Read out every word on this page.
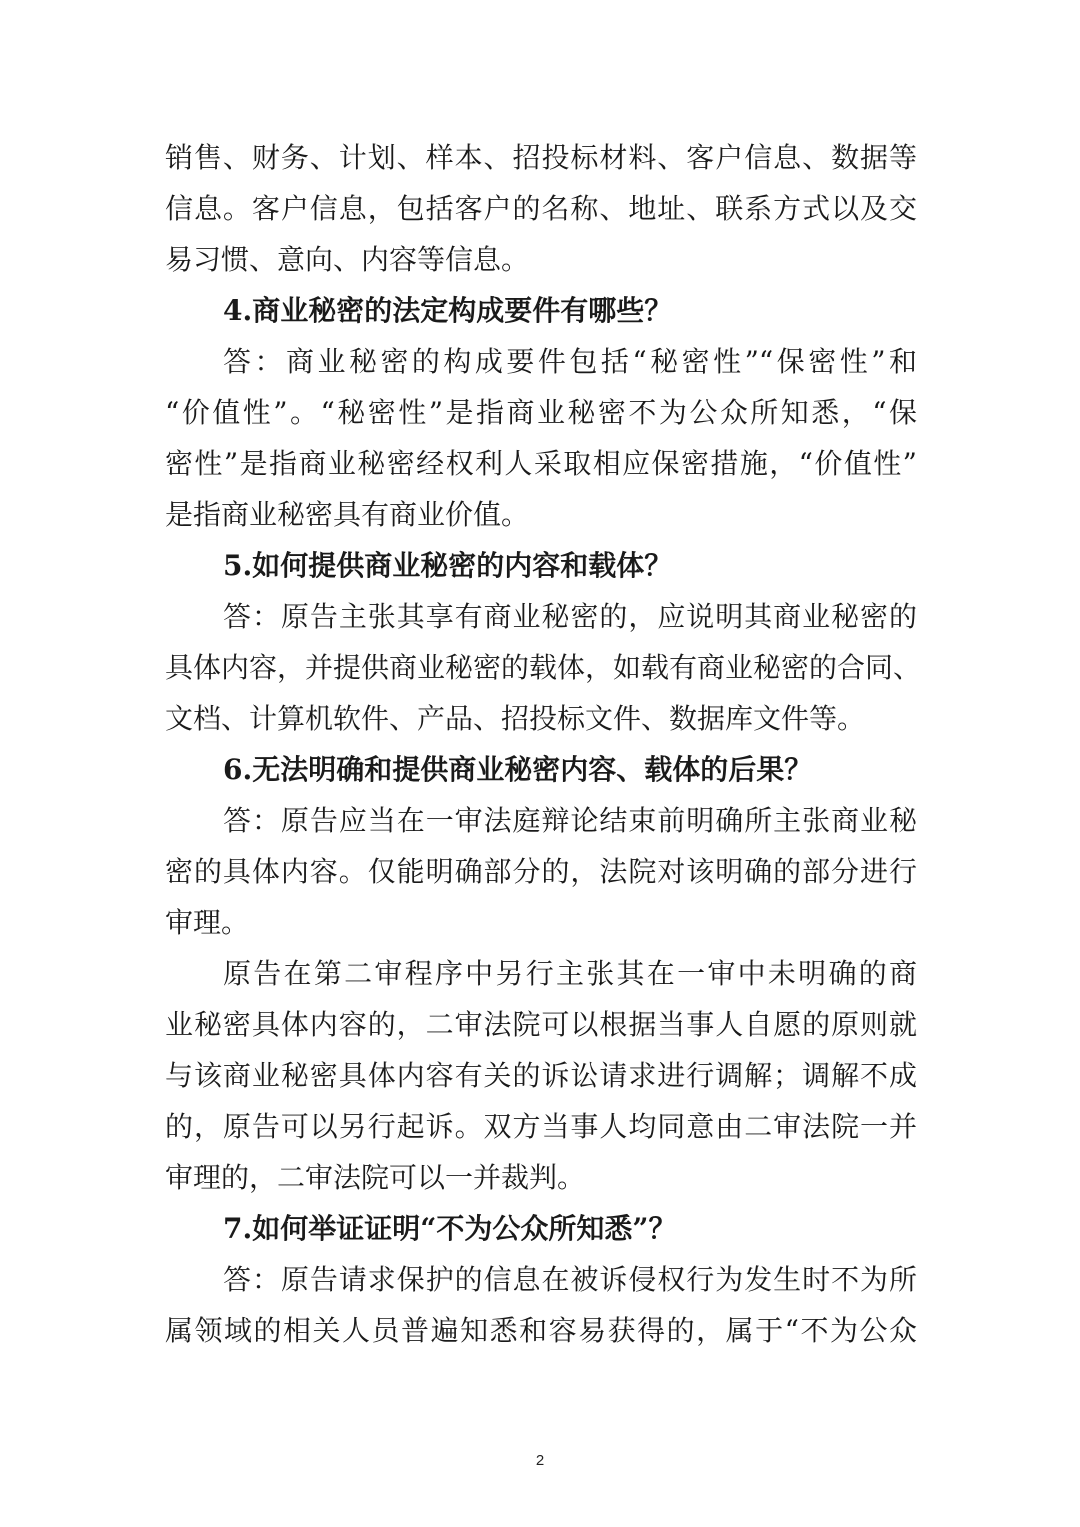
销售、财务、计划、样本、招投标材料、客户信息、数据等
信息。客户信息，包括客户的名称、地址、联系方式以及交
易习惯、意向、内容等信息。
4.商业秘密的法定构成要件有哪些？
答：商业秘密的构成要件包括“秘密性”“保密性”和
“价值性”。“秘密性”是指商业秘密不为公众所知悉，“保
密性”是指商业秘密经权利人采取相应保密措施，“价值性”
是指商业秘密具有商业价值。
5.如何提供商业秘密的内容和载体？
答：原告主张其享有商业秘密的，应说明其商业秘密的
具体内容，并提供商业秘密的载体，如载有商业秘密的合同、
文档、计算机软件、产品、招投标文件、数据库文件等。
6.无法明确和提供商业秘密内容、载体的后果？
答：原告应当在一审法庭辩论结束前明确所主张商业秘
密的具体内容。仅能明确部分的，法院对该明确的部分进行
审理。
原告在第二审程序中另行主张其在一审中未明确的商
业秘密具体内容的，二审法院可以根据当事人自愿的原则就
与该商业秘密具体内容有关的诉讼请求进行调解；调解不成
的，原告可以另行起诉。双方当事人均同意由二审法院一并
审理的，二审法院可以一并裁判。
7.如何举证证明“不为公众所知悉”？
答：原告请求保护的信息在被诉侵权行为发生时不为所
属领域的相关人员普遍知悉和容易获得的，属于“不为公众
2
